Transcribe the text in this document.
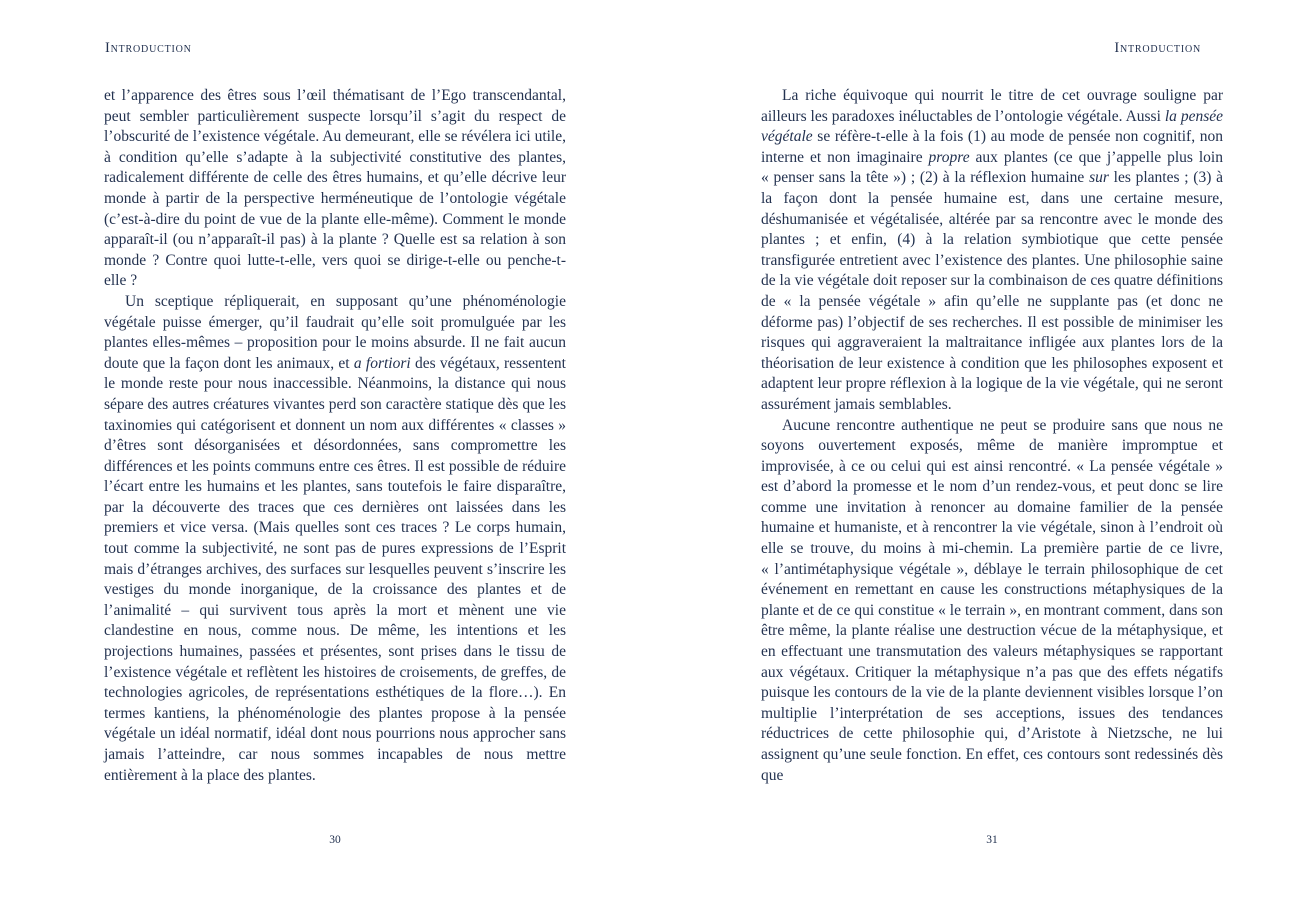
Introduction

et l’apparence des êtres sous l’œil thématisant de l’Ego transcendantal, peut sembler particulièrement suspecte lorsqu’il s’agit du respect de l’obscurité de l’existence végétale. Au demeurant, elle se révélera ici utile, à condition qu’elle s’adapte à la subjectivité constitutive des plantes, radicalement différente de celle des êtres humains, et qu’elle décrive leur monde à partir de la perspective herméneutique de l’ontologie végétale (c’est-à-dire du point de vue de la plante elle-même). Comment le monde apparaît-il (ou n’apparaît-il pas) à la plante ? Quelle est sa relation à son monde ? Contre quoi lutte-t-elle, vers quoi se dirige-t-elle ou penche-t-elle ?

Un sceptique répliquerait, en supposant qu’une phénoménologie végétale puisse émerger, qu’il faudrait qu’elle soit promulguée par les plantes elles-mêmes – proposition pour le moins absurde. Il ne fait aucun doute que la façon dont les animaux, et a fortiori des végétaux, ressentent le monde reste pour nous inaccessible. Néanmoins, la distance qui nous sépare des autres créatures vivantes perd son caractère statique dès que les taxinomies qui catégorisent et donnent un nom aux différentes « classes » d’êtres sont désorganisées et désordonnées, sans compromettre les différences et les points communs entre ces êtres. Il est possible de réduire l’écart entre les humains et les plantes, sans toutefois le faire disparaître, par la découverte des traces que ces dernières ont laissées dans les premiers et vice versa. (Mais quelles sont ces traces ? Le corps humain, tout comme la subjectivité, ne sont pas de pures expressions de l’Esprit mais d’étranges archives, des surfaces sur lesquelles peuvent s’inscrire les vestiges du monde inorganique, de la croissance des plantes et de l’animalité – qui survivent tous après la mort et mènent une vie clandestine en nous, comme nous. De même, les intentions et les projections humaines, passées et présentes, sont prises dans le tissu de l’existence végétale et reflètent les histoires de croisements, de greffes, de technologies agricoles, de représentations esthétiques de la flore…). En termes kantiens, la phénoménologie des plantes propose à la pensée végétale un idéal normatif, idéal dont nous pourrions nous approcher sans jamais l’atteindre, car nous sommes incapables de nous mettre entièrement à la place des plantes.

30
Introduction

La riche équivoque qui nourrit le titre de cet ouvrage souligne par ailleurs les paradoxes inéluctables de l’ontologie végétale. Aussi la pensée végétale se réfère-t-elle à la fois (1) au mode de pensée non cognitif, non interne et non imaginaire propre aux plantes (ce que j’appelle plus loin « penser sans la tête ») ; (2) à la réflexion humaine sur les plantes ; (3) à la façon dont la pensée humaine est, dans une certaine mesure, déshumanisée et végétalisée, altérée par sa rencontre avec le monde des plantes ; et enfin, (4) à la relation symbiotique que cette pensée transfigurée entretient avec l’existence des plantes. Une philosophie saine de la vie végétale doit reposer sur la combinaison de ces quatre définitions de « la pensée végétale » afin qu’elle ne supplante pas (et donc ne déforme pas) l’objectif de ses recherches. Il est possible de minimiser les risques qui aggraveraient la maltraitance infligée aux plantes lors de la théorisation de leur existence à condition que les philosophes exposent et adaptent leur propre réflexion à la logique de la vie végétale, qui ne seront assurément jamais semblables.

Aucune rencontre authentique ne peut se produire sans que nous ne soyons ouvertement exposés, même de manière impromptue et improvisée, à ce ou celui qui est ainsi rencontré. « La pensée végétale » est d’abord la promesse et le nom d’un rendez-vous, et peut donc se lire comme une invitation à renoncer au domaine familier de la pensée humaine et humaniste, et à rencontrer la vie végétale, sinon à l’endroit où elle se trouve, du moins à mi-chemin. La première partie de ce livre, « l’antimétaphysique végétale », déblaye le terrain philosophique de cet événement en remettant en cause les constructions métaphysiques de la plante et de ce qui constitue « le terrain », en montrant comment, dans son être même, la plante réalise une destruction vécue de la métaphysique, et en effectuant une transmutation des valeurs métaphysiques se rapportant aux végétaux. Critiquer la métaphysique n’a pas que des effets négatifs puisque les contours de la vie de la plante deviennent visibles lorsque l’on multiplie l’interprétation de ses acceptions, issues des tendances réductrices de cette philosophie qui, d’Aristote à Nietzsche, ne lui assignent qu’une seule fonction. En effet, ces contours sont redessinés dès que

31
